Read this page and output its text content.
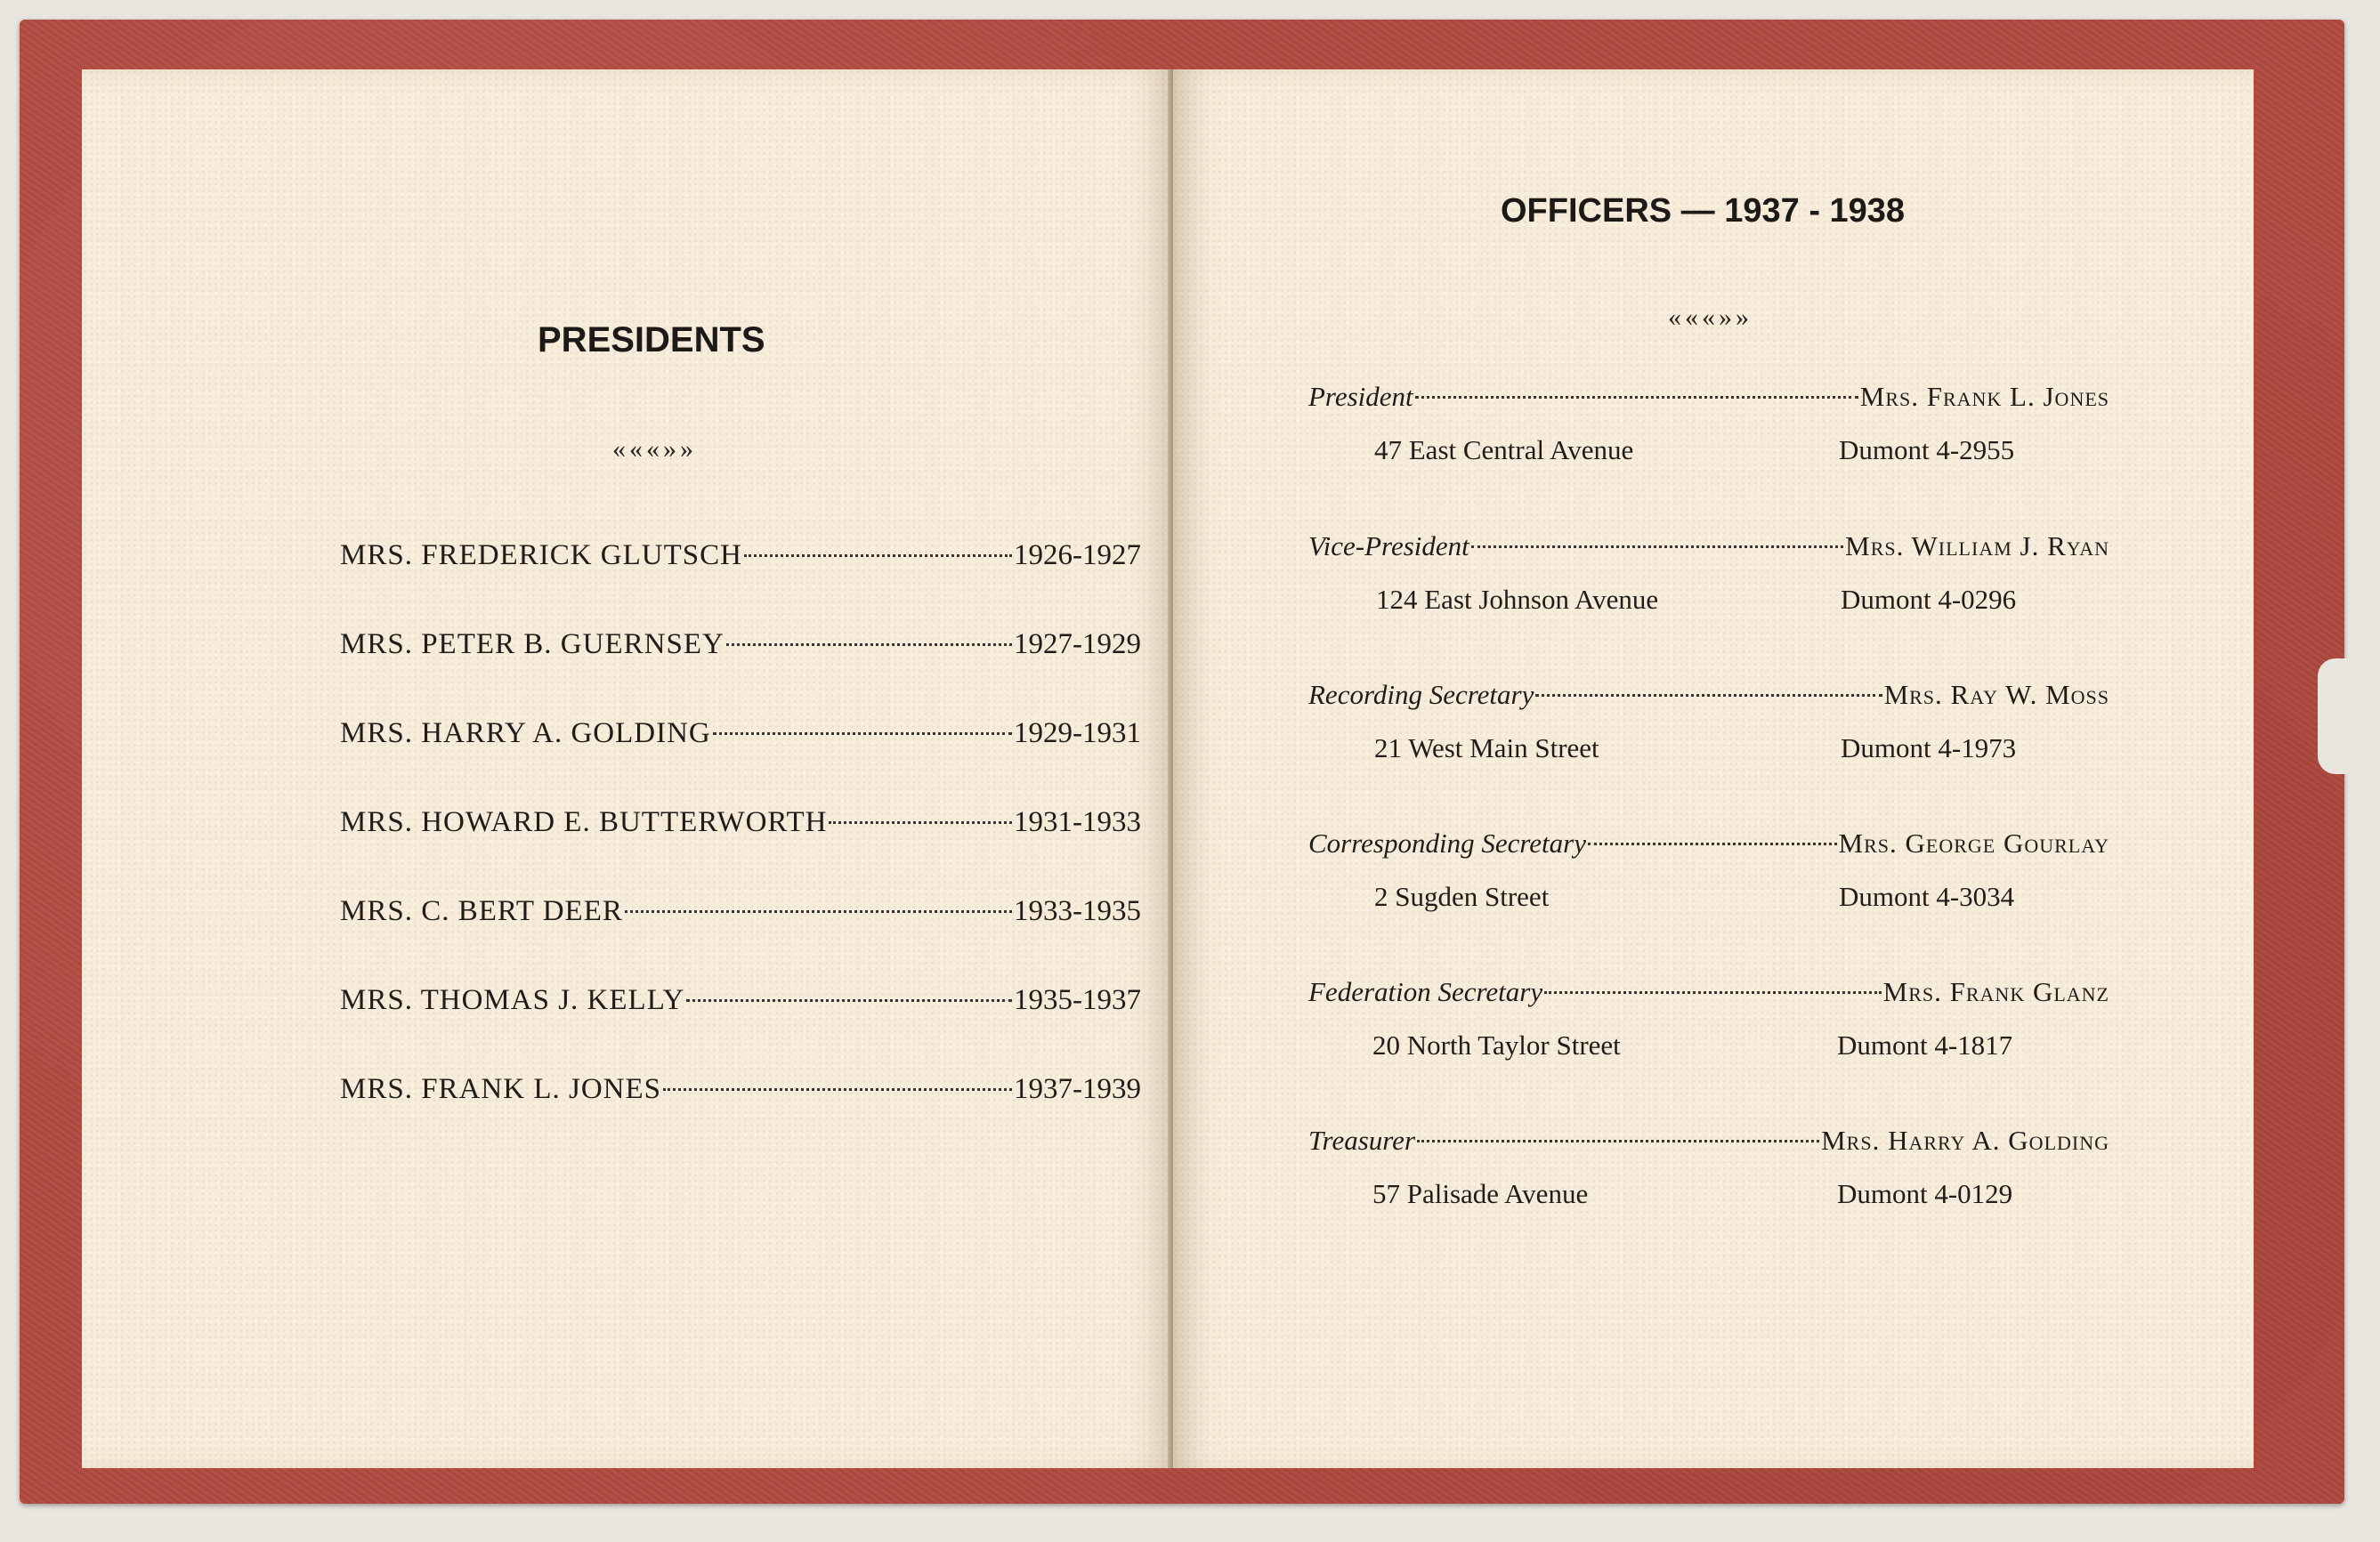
PRESIDENTS
«««»»
MRS. FREDERICK GLUTSCH	1926-1927
MRS. PETER B. GUERNSEY	1927-1929
MRS. HARRY A. GOLDING	1929-1931
MRS. HOWARD E. BUTTERWORTH	1931-1933
MRS. C. BERT DEER	1933-1935
MRS. THOMAS J. KELLY	1935-1937
MRS. FRANK L. JONES	1937-1939
OFFICERS — 1937 - 1938
«««»»
President	Mrs. Frank L. Jones
47 East Central Avenue	Dumont 4-2955
Vice-President	Mrs. William J. Ryan
124 East Johnson Avenue	Dumont 4-0296
Recording Secretary	Mrs. Ray W. Moss
21 West Main Street	Dumont 4-1973
Corresponding Secretary	Mrs. George Gourlay
2 Sugden Street	Dumont 4-3034
Federation Secretary	Mrs. Frank Glanz
20 North Taylor Street	Dumont 4-1817
Treasurer	Mrs. Harry A. Golding
57 Palisade Avenue	Dumont 4-0129
